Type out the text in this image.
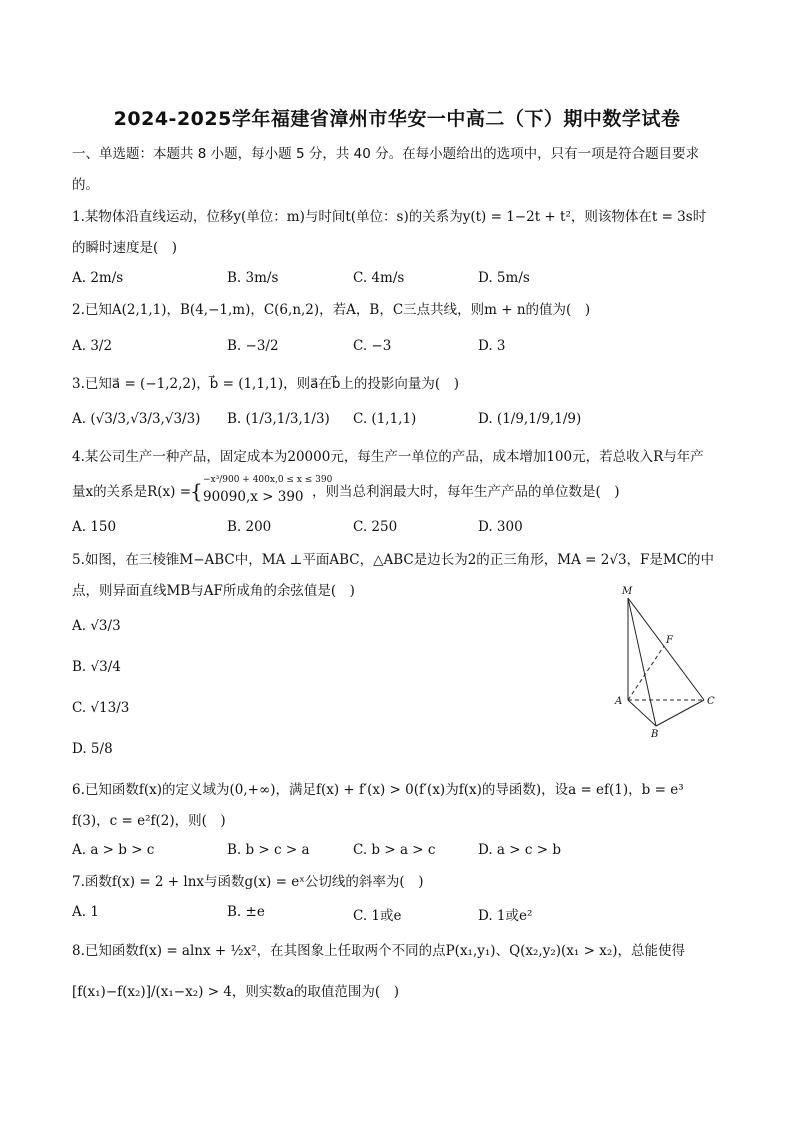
2024-2025学年福建省漳州市华安一中高二（下）期中数学试卷
一、单选题：本题共 8 小题，每小题 5 分，共 40 分。在每小题给出的选项中，只有一项是符合题目要求
的。
1.某物体沿直线运动，位移y(单位：m)与时间t(单位：s)的关系为y(t) = 1−2t + t²，则该物体在t = 3s时
的瞬时速度是(　)
A. 2m/s	B. 3m/s	C. 4m/s	D. 5m/s
2.已知A(2,1,1)，B(4,−1,m)，C(6,n,2)，若A，B，C三点共线，则m + n的值为(　)
A. 3/2	B. −3/2	C. −3	D. 3
3.已知a⃗ = (−1,2,2)，b⃗ = (1,1,1)，则a⃗在b⃗上的投影向量为(　)
A. (√3/3,√3/3,√3/3) B. (1/3,1/3,1/3) C. (1,1,1)	D. (1/9,1/9,1/9)
4.某公司生产一种产品，固定成本为20000元，每生产一单位的产品，成本增加100元，若总收入R与年产
量x的关系是R(x) =
{ −x³/900 + 400x,0 ≤ x ≤ 390
90090,x > 390 ，则当总利润最大时，每年生产产品的单位数是(　)
A. 150	B. 200	C. 250	D. 300
5.如图，在三棱锥M−ABC中，MA ⊥平面ABC，△ABC是边长为2的正三角形，MA = 2√3，F是MC的中
点，则异面直线MB与AF所成角的余弦值是(　)
A. √3/3
B. √3/4
C. √13/3
D. 5/8
M
F
A	C
B
6.已知函数f(x)的定义域为(0,+∞)，满足f(x) + f′(x) > 0(f′(x)为f(x)的导函数)，设a = ef(1)，b = e³
f(3)，c = e²f(2)，则(　)
A. a > b > c	B. b > c > a	C. b > a > c	D. a > c > b
7.函数f(x) = 2 + lnx与函数g(x) = eˣ公切线的斜率为(　)
A. 1	B. ±e	C. 1或e	D. 1或e²
8.已知函数f(x) = alnx + ½x²，在其图象上任取两个不同的点P(x₁,y₁)、Q(x₂,y₂)(x₁ > x₂)，总能使得
[f(x₁)−f(x₂)]/(x₁−x₂) > 4，则实数a的取值范围为(　)
